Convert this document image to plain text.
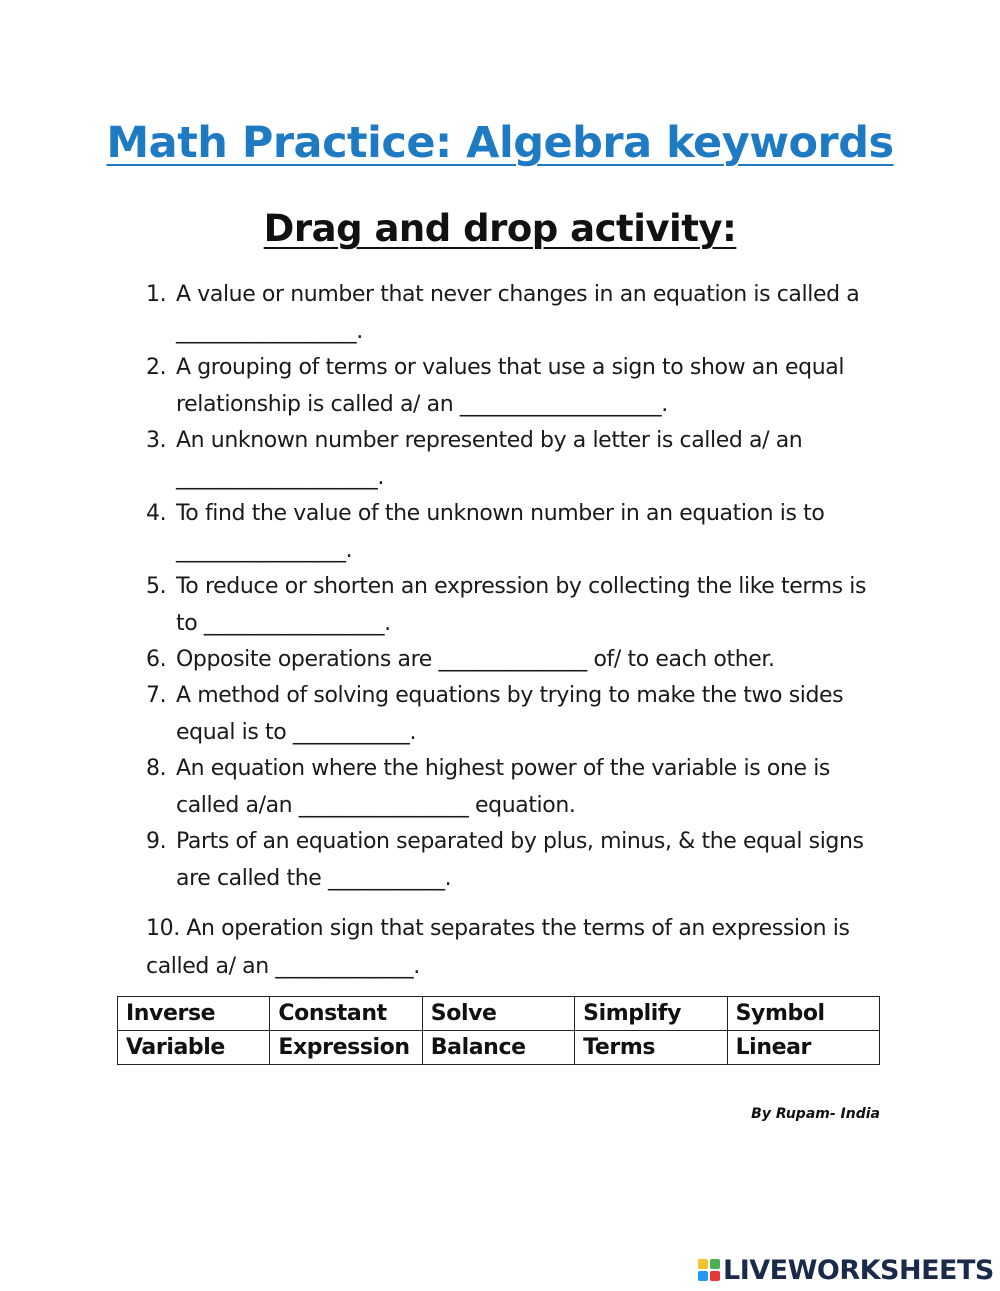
Math Practice: Algebra keywords
Drag and drop activity:
1. A value or number that never changes in an equation is called a _________________.
2. A grouping of terms or values that use a sign to show an equal relationship is called a/ an ___________________.
3. An unknown number represented by a letter is called a/ an ___________________.
4. To find the value of the unknown number in an equation is to ________________.
5. To reduce or shorten an expression by collecting the like terms is to _________________.
6. Opposite operations are ______________ of/ to each other.
7. A method of solving equations by trying to make the two sides equal is to ___________.
8. An equation where the highest power of the variable is one is called a/an ________________ equation.
9. Parts of an equation separated by plus, minus, & the equal signs are called the ___________.
10. An operation sign that separates the terms of an expression is called a/ an _____________.
Inverse	Constant	Solve	Simplify	Symbol
Variable	Expression	Balance	Terms	Linear
By Rupam- India
LIVEWORKSHEETS
